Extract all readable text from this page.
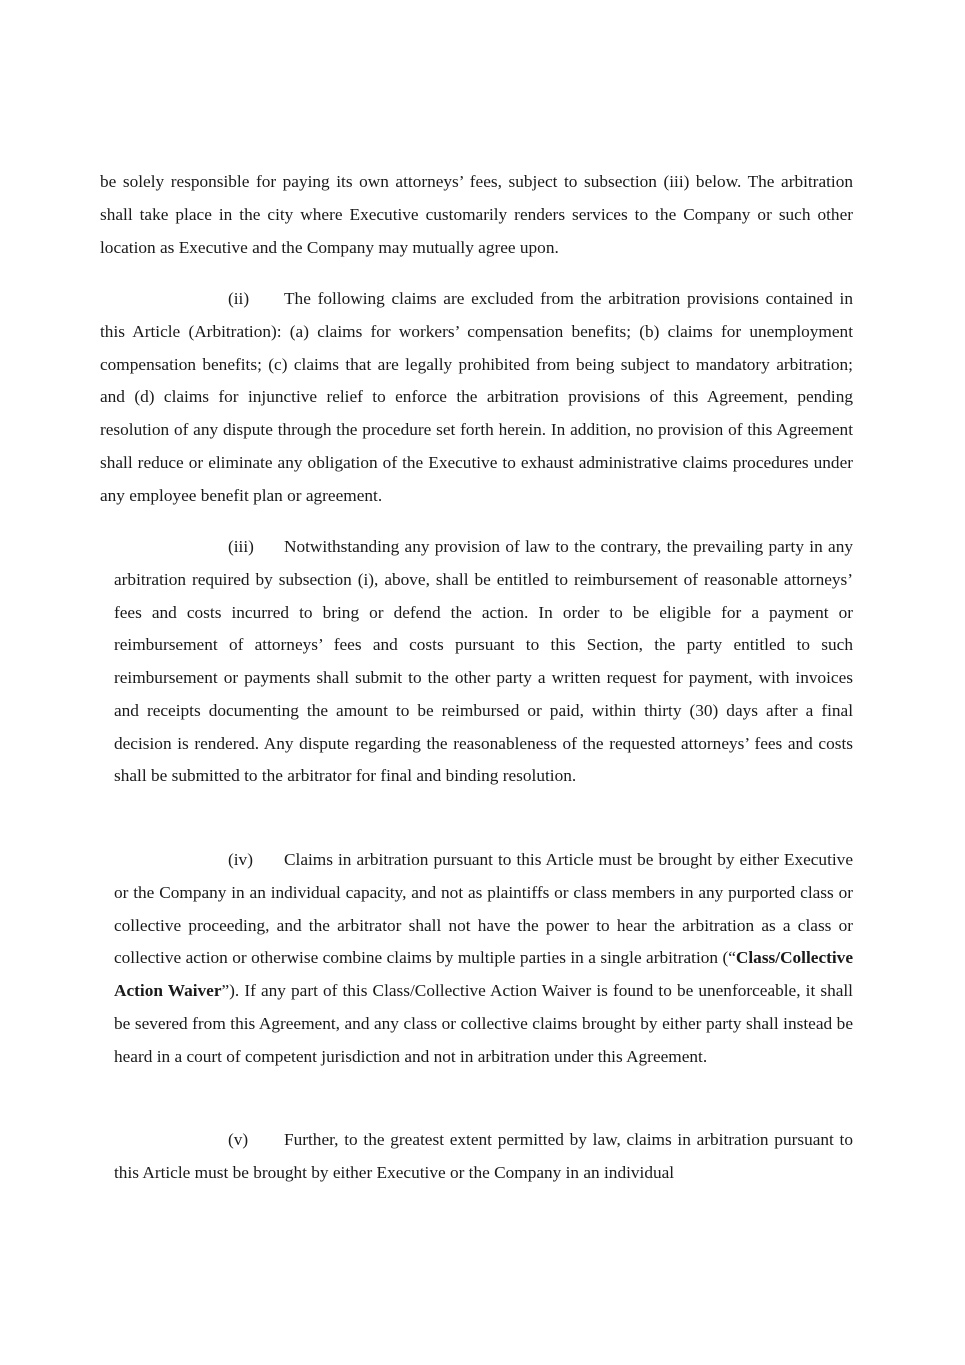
be solely responsible for paying its own attorneys’ fees, subject to subsection (iii) below. The arbitration shall take place in the city where Executive customarily renders services to the Company or such other location as Executive and the Company may mutually agree upon.

(ii) The following claims are excluded from the arbitration provisions contained in this Article (Arbitration): (a) claims for workers’ compensation benefits; (b) claims for unemployment compensation benefits; (c) claims that are legally prohibited from being subject to mandatory arbitration; and (d) claims for injunctive relief to enforce the arbitration provisions of this Agreement, pending resolution of any dispute through the procedure set forth herein. In addition, no provision of this Agreement shall reduce or eliminate any obligation of the Executive to exhaust administrative claims procedures under any employee benefit plan or agreement.

(iii) Notwithstanding any provision of law to the contrary, the prevailing party in any arbitration required by subsection (i), above, shall be entitled to reimbursement of reasonable attorneys’ fees and costs incurred to bring or defend the action. In order to be eligible for a payment or reimbursement of attorneys’ fees and costs pursuant to this Section, the party entitled to such reimbursement or payments shall submit to the other party a written request for payment, with invoices and receipts documenting the amount to be reimbursed or paid, within thirty (30) days after a final decision is rendered. Any dispute regarding the reasonableness of the requested attorneys’ fees and costs shall be submitted to the arbitrator for final and binding resolution.

(iv) Claims in arbitration pursuant to this Article must be brought by either Executive or the Company in an individual capacity, and not as plaintiffs or class members in any purported class or collective proceeding, and the arbitrator shall not have the power to hear the arbitration as a class or collective action or otherwise combine claims by multiple parties in a single arbitration (“Class/Collective Action Waiver”). If any part of this Class/Collective Action Waiver is found to be unenforceable, it shall be severed from this Agreement, and any class or collective claims brought by either party shall instead be heard in a court of competent jurisdiction and not in arbitration under this Agreement.

(v) Further, to the greatest extent permitted by law, claims in arbitration pursuant to this Article must be brought by either Executive or the Company in an individual
